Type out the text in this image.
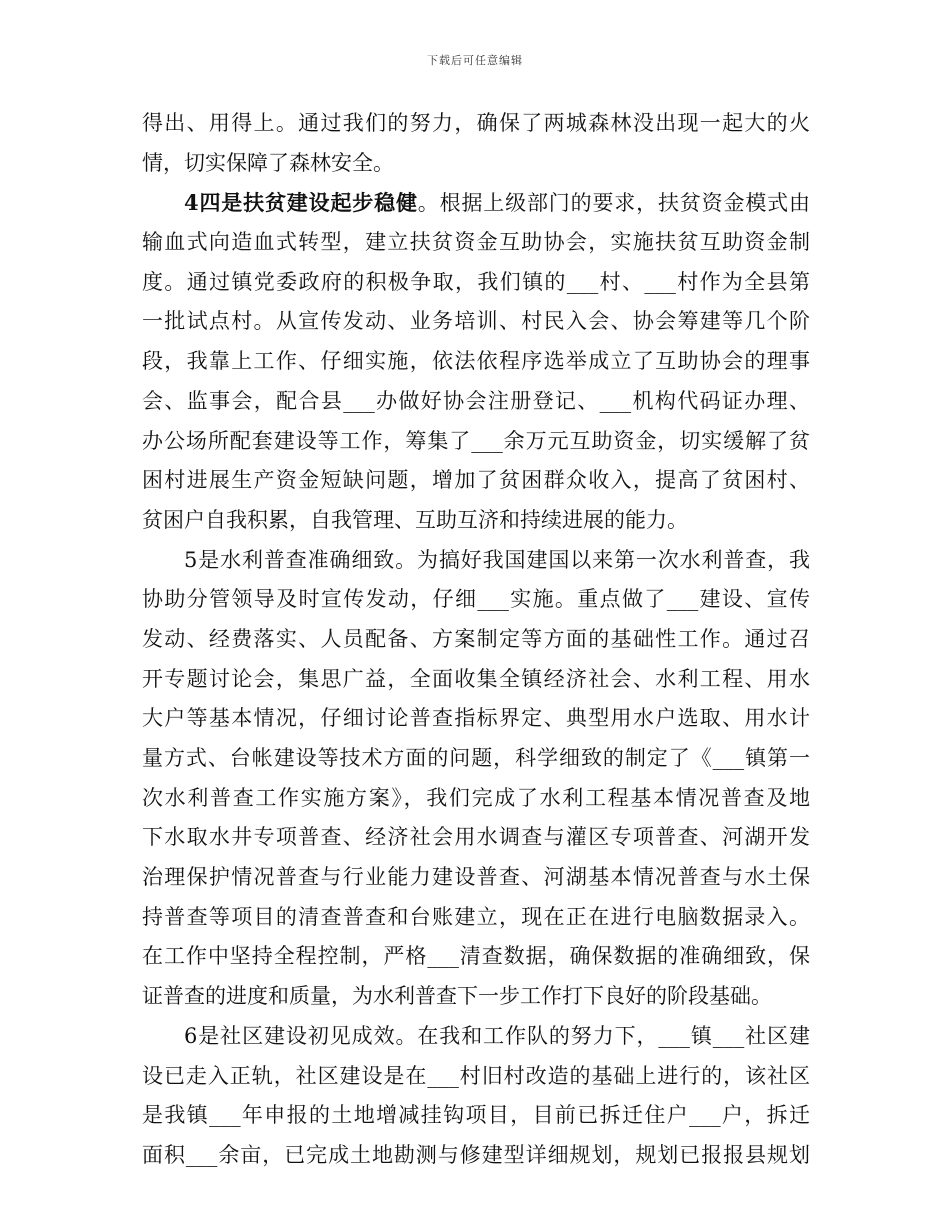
下载后可任意编辑
得出、用得上。通过我们的努力，确保了两城森林没出现一起大的火
情，切实保障了森林安全。
4四是扶贫建设起步稳健。根据上级部门的要求，扶贫资金模式由
输血式向造血式转型，建立扶贫资金互助协会，实施扶贫互助资金制
度。通过镇党委政府的积极争取，我们镇的___村、___村作为全县第
一批试点村。从宣传发动、业务培训、村民入会、协会筹建等几个阶
段，我靠上工作、仔细实施，依法依程序选举成立了互助协会的理事
会、监事会，配合县___办做好协会注册登记、___机构代码证办理、
办公场所配套建设等工作，筹集了___余万元互助资金，切实缓解了贫
困村进展生产资金短缺问题，增加了贫困群众收入，提高了贫困村、
贫困户自我积累，自我管理、互助互济和持续进展的能力。
5是水利普查准确细致。为搞好我国建国以来第一次水利普查，我
协助分管领导及时宣传发动，仔细___实施。重点做了___建设、宣传
发动、经费落实、人员配备、方案制定等方面的基础性工作。通过召
开专题讨论会，集思广益，全面收集全镇经济社会、水利工程、用水
大户等基本情况，仔细讨论普查指标界定、典型用水户选取、用水计
量方式、台帐建设等技术方面的问题，科学细致的制定了《___镇第一
次水利普查工作实施方案》，我们完成了水利工程基本情况普查及地
下水取水井专项普查、经济社会用水调查与灌区专项普查、河湖开发
治理保护情况普查与行业能力建设普查、河湖基本情况普查与水土保
持普查等项目的清查普查和台账建立，现在正在进行电脑数据录入。
在工作中坚持全程控制，严格___清查数据，确保数据的准确细致，保
证普查的进度和质量，为水利普查下一步工作打下良好的阶段基础。
6是社区建设初见成效。在我和工作队的努力下，___镇___社区建
设已走入正轨，社区建设是在___村旧村改造的基础上进行的，该社区
是我镇___年申报的土地增减挂钩项目，目前已拆迁住户___户，拆迁
面积___余亩，已完成土地勘测与修建型详细规划，规划已报报县规划
